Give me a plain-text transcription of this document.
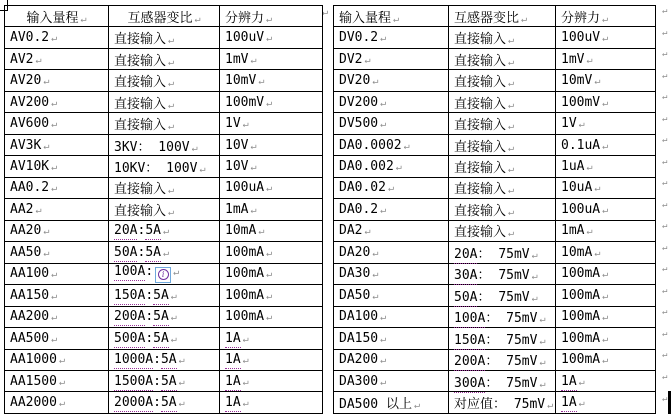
↵
输入量程 ↵	互感器变比 ↵	分辨力 ↵
AV0.2 ↵	直接输入 ↵	100uV ↵
AV2 ↵	直接输入 ↵	1mV ↵
AV20 ↵	直接输入 ↵	10mV ↵
AV200 ↵	直接输入 ↵	100mV ↵
AV600 ↵	直接输入 ↵	1V ↵
AV3K ↵	3KV： 100V ↵	10V ↵
AV10K ↵	10KV： 100V ↵	10V ↵
AA0.2 ↵	直接输入 ↵	100uA ↵
AA2 ↵	直接输入 ↵	1mA ↵
AA20 ↵	20A:5A ↵	10mA ↵
AA50 ↵	50A:5A ↵	100mA ↵
AA100 ↵	100A: i ↵	100mA ↵
AA150 ↵	150A:5A ↵	100mA ↵
AA200 ↵	200A:5A ↵	100mA ↵
AA500 ↵	500A:5A ↵	1A ↵
AA1000 ↵	1000A:5A ↵	1A ↵
AA1500 ↵	1500A:5A ↵	1A ↵
AA2000 ↵	2000A:5A ↵	1A ↵
输入量程 ↵	互感器变比 ↵	分辨力 ↵
DV0.2 ↵	直接输入 ↵	100uV ↵
DV2 ↵	直接输入 ↵	1mV ↵
DV20 ↵	直接输入 ↵	10mV ↵
DV200 ↵	直接输入 ↵	100mV ↵
DV500 ↵	直接输入 ↵	1V ↵
DA0.0002 ↵	直接输入 ↵	0.1uA ↵
DA0.002 ↵	直接输入 ↵	1uA ↵
DA0.02 ↵	直接输入 ↵	10uA ↵
DA0.2 ↵	直接输入 ↵	100uA ↵
DA2 ↵	直接输入 ↵	1mA ↵
DA20 ↵	20A： 75mV ↵	10mA ↵
DA30 ↵	30A： 75mV ↵	100mA ↵
DA50 ↵	50A： 75mV ↵	100mA ↵
DA100 ↵	100A： 75mV ↵	100mA ↵
DA150 ↵	150A： 75mV ↵	100mA ↵
DA200 ↵	200A： 75mV ↵	100mA ↵
DA300 ↵	300A： 75mV ↵	1A ↵
DA500 以上 ↵	对应值： 75mV ↵	1A ↵
↵
↵
↵
↵
↵
↵
↵
↵
↵
↵
↵
↵
↵
↵
↵
↵
↵
↵
↵
